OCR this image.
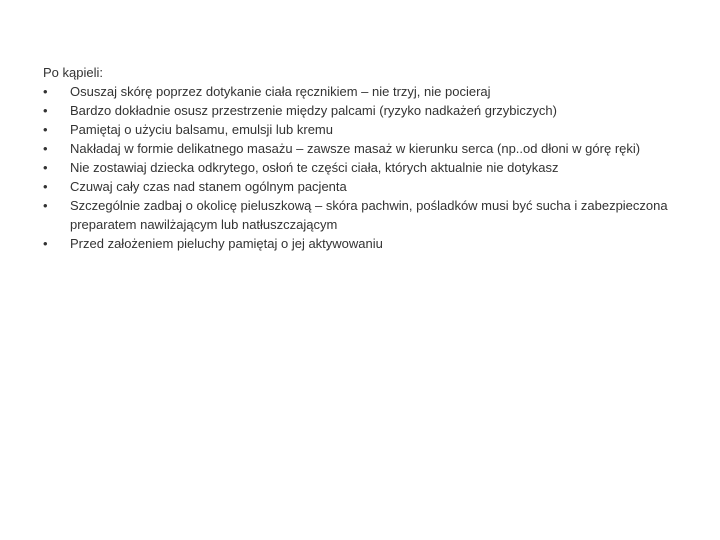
Po kąpieli:

•	Osuszaj skórę poprzez dotykanie ciała ręcznikiem – nie trzyj, nie pocieraj
•	Bardzo dokładnie osusz przestrzenie między palcami (ryzyko nadkażeń grzybiczych)
•	Pamiętaj o użyciu balsamu, emulsji lub kremu
•	Nakładaj w formie delikatnego masażu – zawsze masaż w kierunku serca (np..od dłoni w górę ręki)
•	Nie zostawiaj dziecka odkrytego, osłoń te części ciała, których aktualnie nie dotykasz
•	Czuwaj cały czas nad stanem ogólnym pacjenta
•	Szczególnie zadbaj o okolicę pieluszkową – skóra pachwin, pośladków musi być sucha i zabezpieczona preparatem nawilżającym lub natłuszczającym
•	Przed założeniem pieluchy pamiętaj o jej aktywowaniu
